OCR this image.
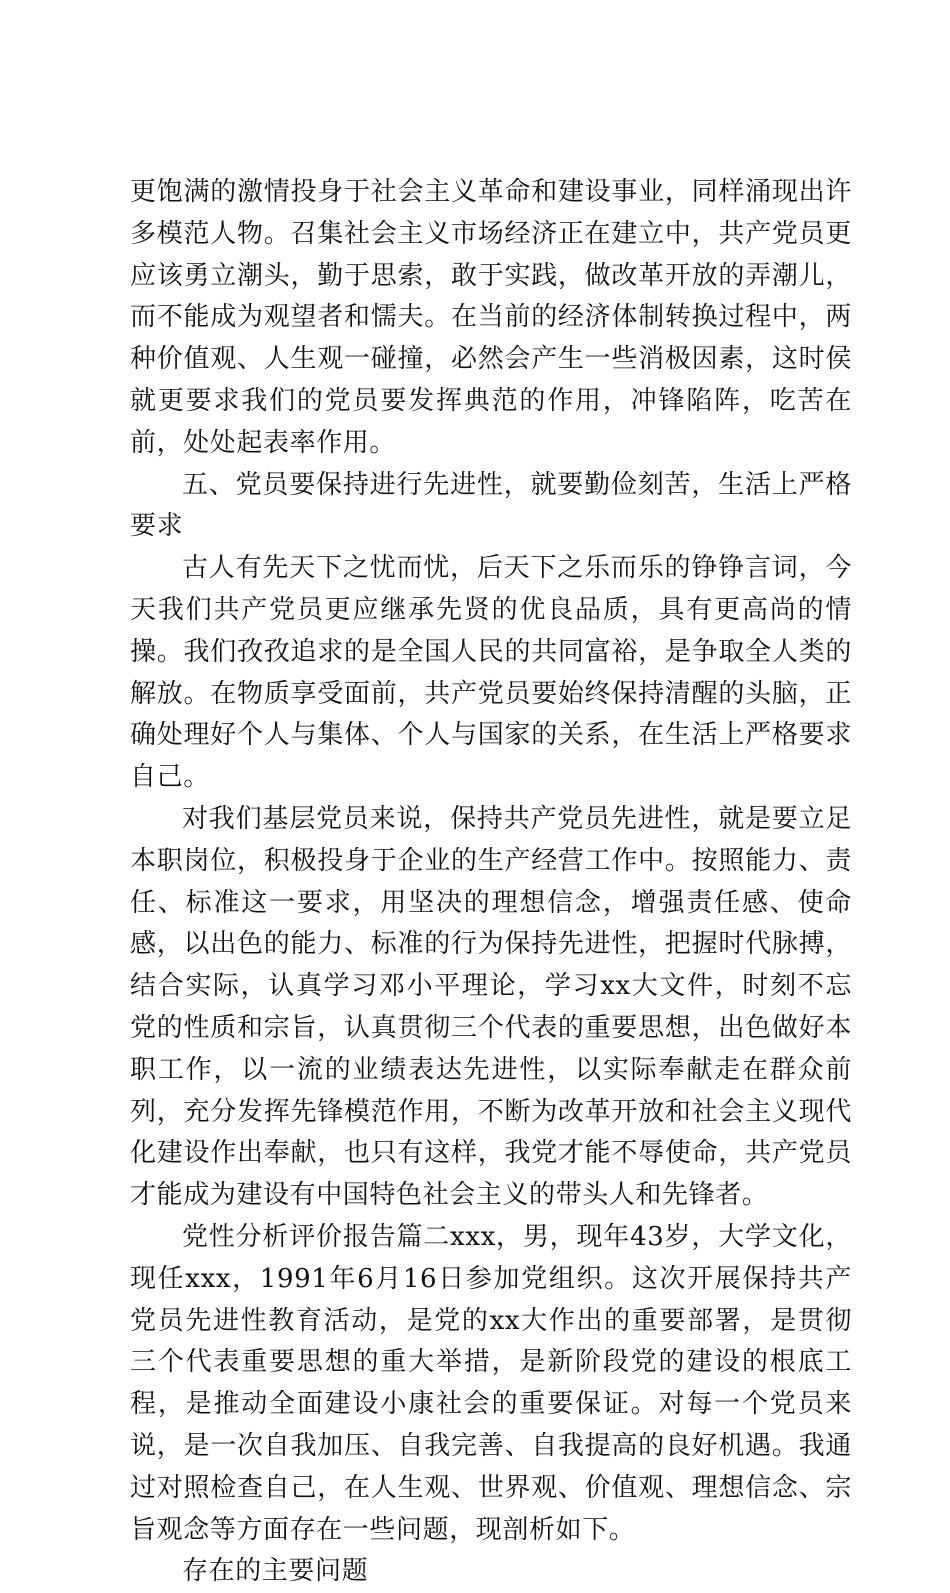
更饱满的激情投身于社会主义革命和建设事业，同样涌现出许多模范人物。召集社会主义市场经济正在建立中，共产党员更应该勇立潮头，勤于思索，敢于实践，做改革开放的弄潮儿，而不能成为观望者和懦夫。在当前的经济体制转换过程中，两种价值观、人生观一碰撞，必然会产生一些消极因素，这时侯就更要求我们的党员要发挥典范的作用，冲锋陷阵，吃苦在前，处处起表率作用。

五、党员要保持进行先进性，就要勤俭刻苦，生活上严格要求

古人有先天下之忧而忧，后天下之乐而乐的铮铮言词，今天我们共产党员更应继承先贤的优良品质，具有更高尚的情操。我们孜孜追求的是全国人民的共同富裕，是争取全人类的解放。在物质享受面前，共产党员要始终保持清醒的头脑，正确处理好个人与集体、个人与国家的关系，在生活上严格要求自己。

对我们基层党员来说，保持共产党员先进性，就是要立足本职岗位，积极投身于企业的生产经营工作中。按照能力、责任、标准这一要求，用坚决的理想信念，增强责任感、使命感，以出色的能力、标准的行为保持先进性，把握时代脉搏，结合实际，认真学习邓小平理论，学习xx大文件，时刻不忘党的性质和宗旨，认真贯彻三个代表的重要思想，出色做好本职工作，以一流的业绩表达先进性，以实际奉献走在群众前列，充分发挥先锋模范作用，不断为改革开放和社会主义现代化建设作出奉献，也只有这样，我党才能不辱使命，共产党员才能成为建设有中国特色社会主义的带头人和先锋者。

党性分析评价报告篇二xxx，男，现年43岁，大学文化，现任xxx，1991年6月16日参加党组织。这次开展保持共产党员先进性教育活动，是党的xx大作出的重要部署，是贯彻三个代表重要思想的重大举措，是新阶段党的建设的根底工程，是推动全面建设小康社会的重要保证。对每一个党员来说，是一次自我加压、自我完善、自我提高的良好机遇。我通过对照检查自己，在人生观、世界观、价值观、理想信念、宗旨观念等方面存在一些问题，现剖析如下。

存在的主要问题
